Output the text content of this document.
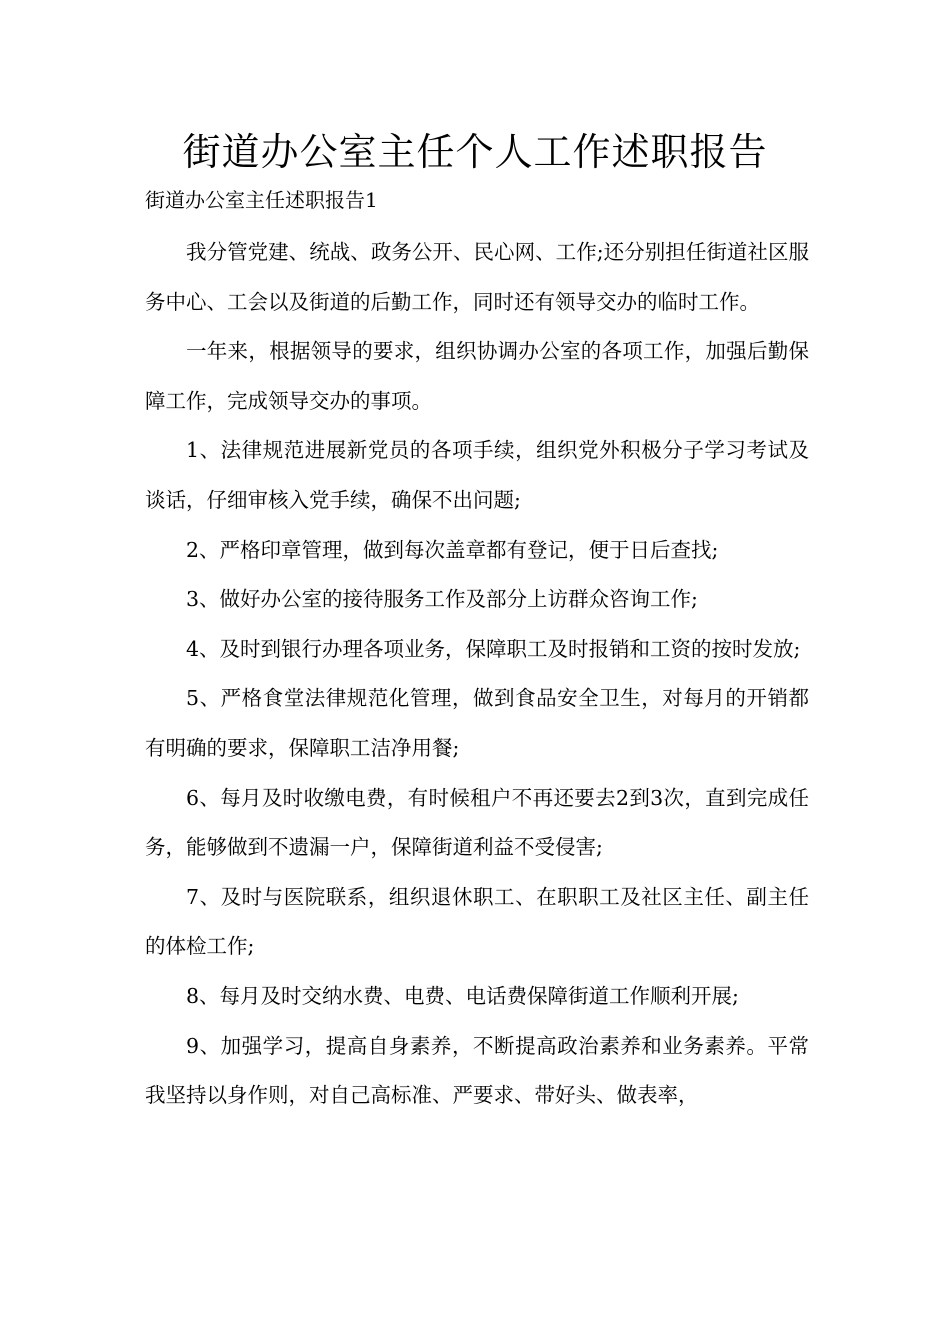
街道办公室主任个人工作述职报告

街道办公室主任述职报告1

我分管党建、统战、政务公开、民心网、工作;还分别担任街道社区服务中心、工会以及街道的后勤工作，同时还有领导交办的临时工作。

一年来，根据领导的要求，组织协调办公室的各项工作，加强后勤保障工作，完成领导交办的事项。

1、法律规范进展新党员的各项手续，组织党外积极分子学习考试及谈话，仔细审核入党手续，确保不出问题;

2、严格印章管理，做到每次盖章都有登记，便于日后查找;

3、做好办公室的接待服务工作及部分上访群众咨询工作;

4、及时到银行办理各项业务，保障职工及时报销和工资的按时发放;

5、严格食堂法律规范化管理，做到食品安全卫生，对每月的开销都有明确的要求，保障职工洁净用餐;

6、每月及时收缴电费，有时候租户不再还要去2到3次，直到完成任务，能够做到不遗漏一户，保障街道利益不受侵害;

7、及时与医院联系，组织退休职工、在职职工及社区主任、副主任的体检工作;

8、每月及时交纳水费、电费、电话费保障街道工作顺利开展;

9、加强学习，提高自身素养，不断提高政治素养和业务素养。平常我坚持以身作则，对自己高标准、严要求、带好头、做表率，
